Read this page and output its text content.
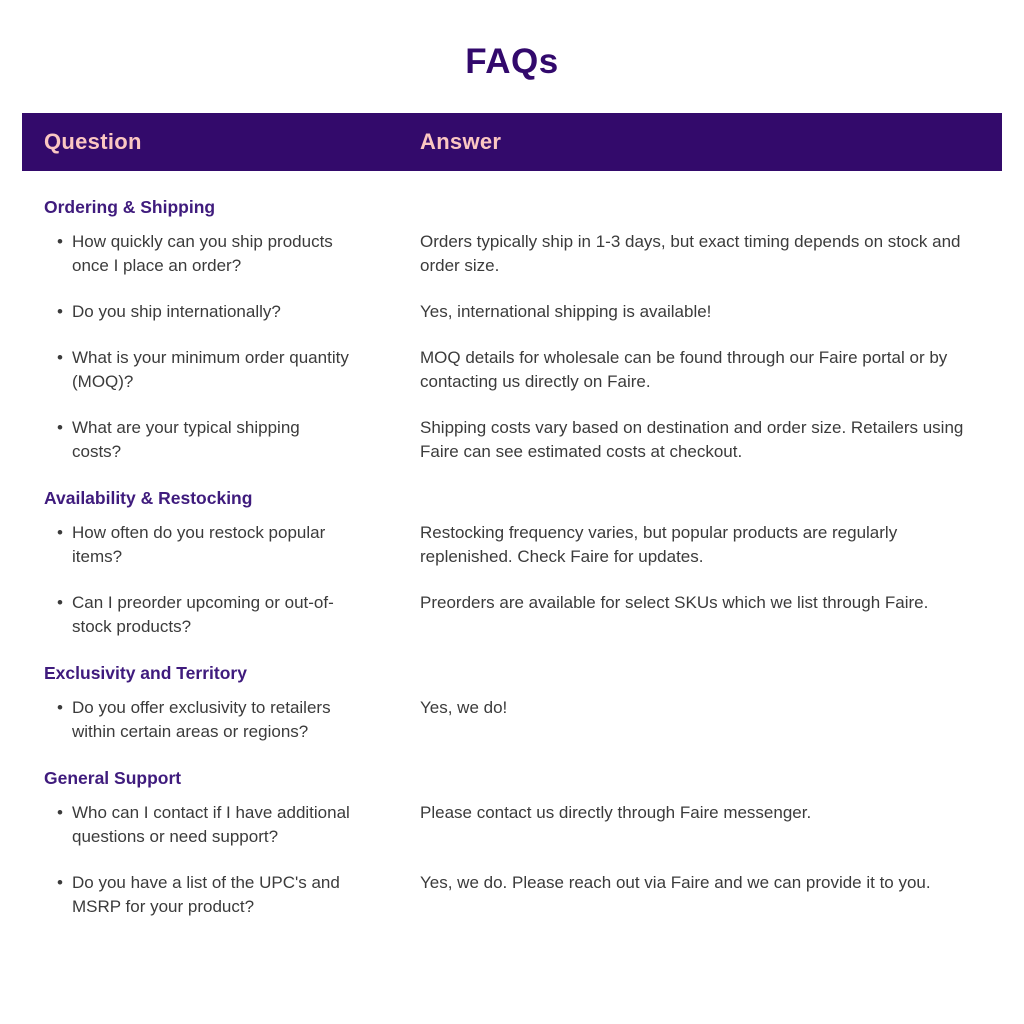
FAQs
Question	Answer
Ordering & Shipping
• How quickly can you ship products once I place an order?
Orders typically ship in 1-3 days, but exact timing depends on stock and order size.
• Do you ship internationally?	Yes, international shipping is available!
• What is your minimum order quantity (MOQ)?
MOQ details for wholesale can be found through our Faire portal or by contacting us directly on Faire.
• What are your typical shipping costs?
Shipping costs vary based on destination and order size. Retailers using Faire can see estimated costs at checkout.
Availability & Restocking
• How often do you restock popular items?
Restocking frequency varies, but popular products are regularly replenished. Check Faire for updates.
• Can I preorder upcoming or out-of-stock products?
Preorders are available for select SKUs which we list through Faire.
Exclusivity and Territory
• Do you offer exclusivity to retailers within certain areas or regions?
Yes, we do!
General Support
• Who can I contact if I have additional questions or need support?
Please contact us directly through Faire messenger.
• Do you have a list of the UPC's and MSRP for your product?
Yes, we do. Please reach out via Faire and we can provide it to you.
